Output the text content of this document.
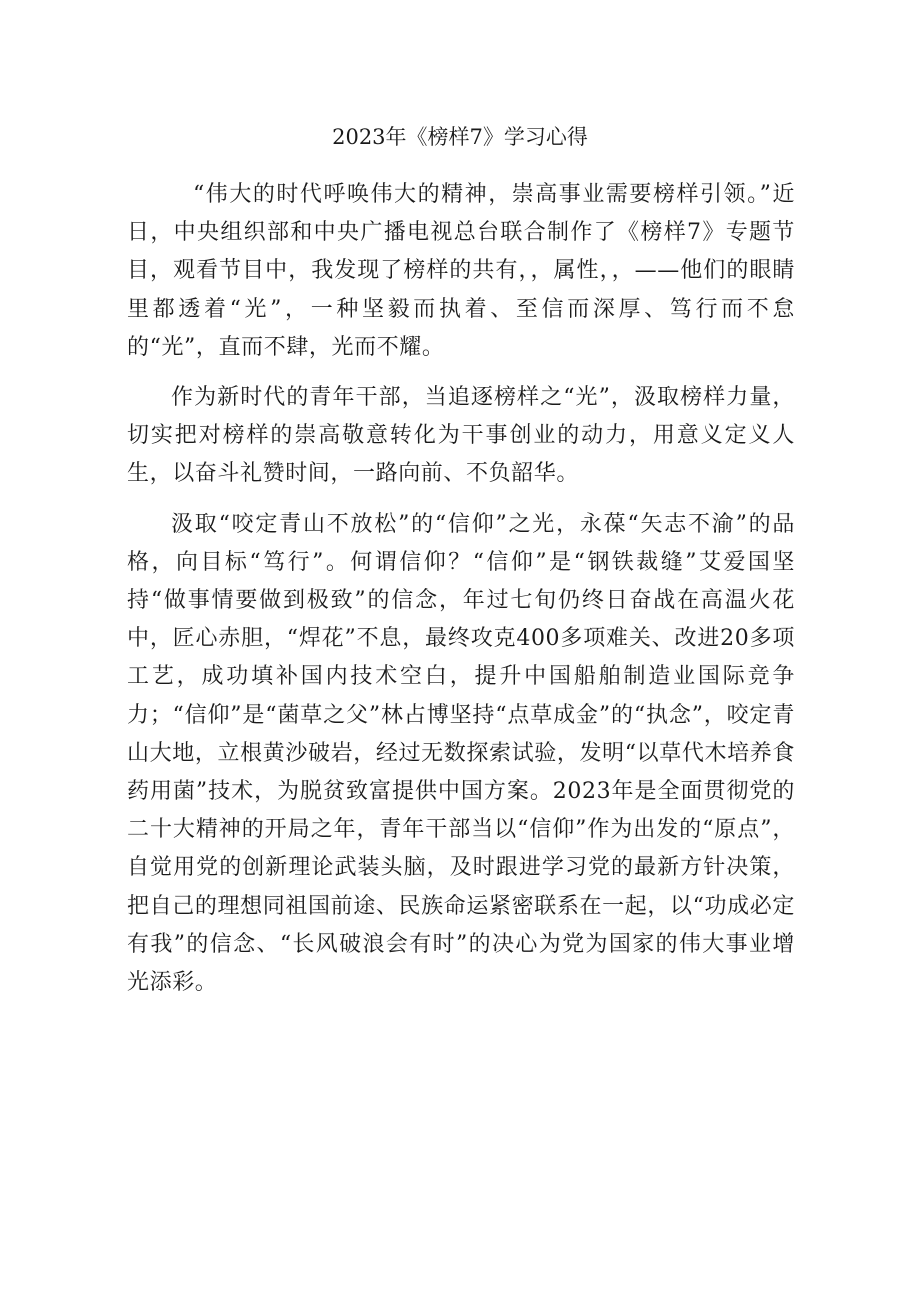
2023年《榜样7》学习心得

“伟大的时代呼唤伟大的精神，崇高事业需要榜样引领。”近日，中央组织部和中央广播电视总台联合制作了《榜样7》专题节目，观看节目中，我发现了榜样的共有，，属性，，——他们的眼睛里都透着“光”，一种坚毅而执着、至信而深厚、笃行而不怠的“光”，直而不肆，光而不耀。

作为新时代的青年干部，当追逐榜样之“光”，汲取榜样力量，切实把对榜样的崇高敬意转化为干事创业的动力，用意义定义人生，以奋斗礼赞时间，一路向前、不负韶华。

汲取“咬定青山不放松”的“信仰”之光，永葆“矢志不渝”的品格，向目标“笃行”。何谓信仰？“信仰”是“钢铁裁缝”艾爱国坚持“做事情要做到极致”的信念，年过七旬仍终日奋战在高温火花中，匠心赤胆，“焊花”不息，最终攻克400多项难关、改进20多项工艺，成功填补国内技术空白，提升中国船舶制造业国际竞争力；“信仰”是“菌草之父”林占博坚持“点草成金”的“执念”，咬定青山大地，立根黄沙破岩，经过无数探索试验，发明“以草代木培养食药用菌”技术，为脱贫致富提供中国方案。2023年是全面贯彻党的二十大精神的开局之年，青年干部当以“信仰”作为出发的“原点”，自觉用党的创新理论武装头脑，及时跟进学习党的最新方针决策，把自己的理想同祖国前途、民族命运紧密联系在一起，以“功成必定有我”的信念、“长风破浪会有时”的决心为党为国家的伟大事业增光添彩。
